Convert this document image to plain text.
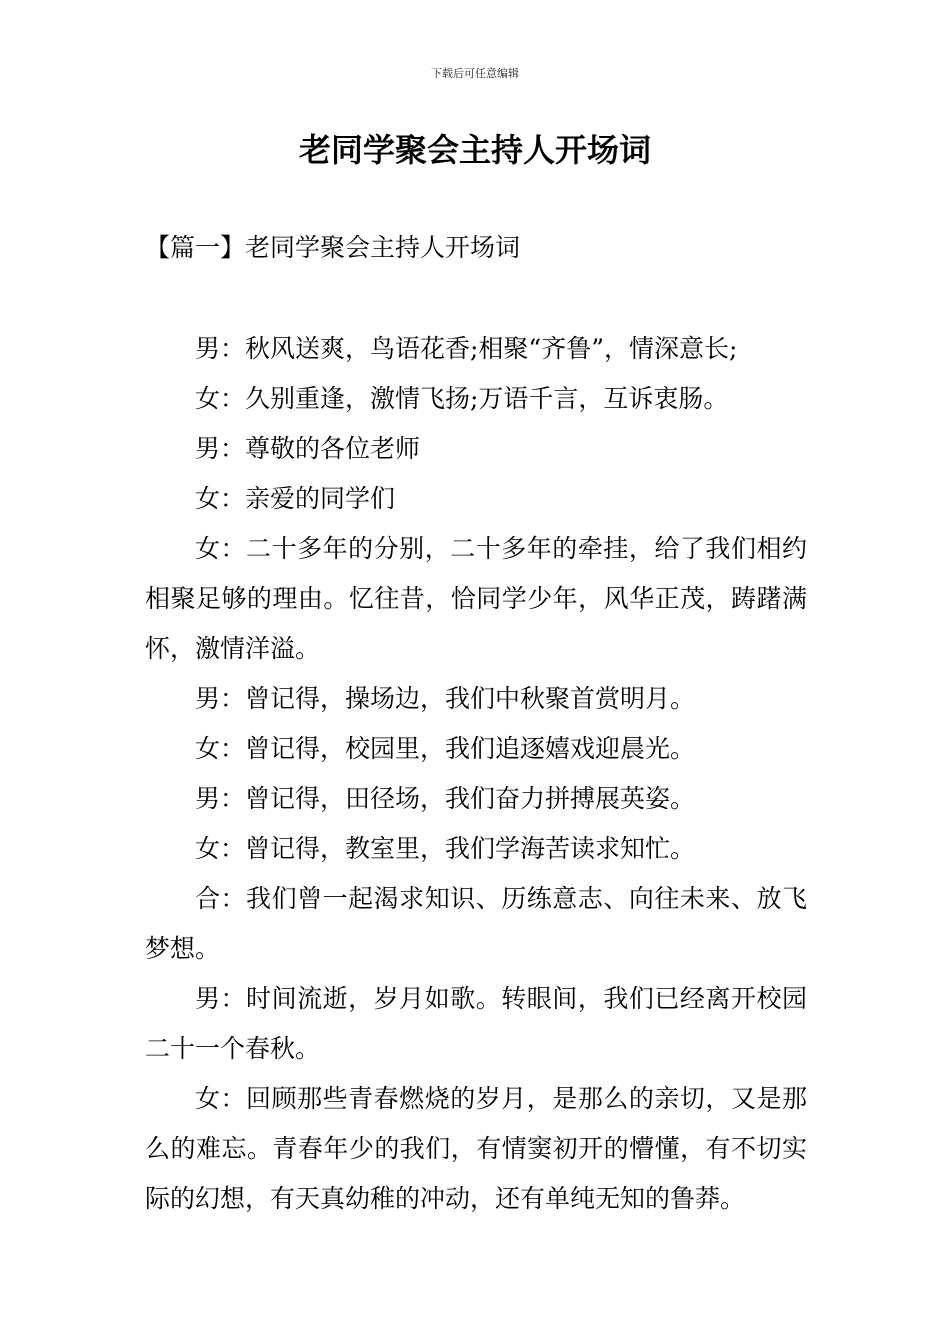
下载后可任意编辑
老同学聚会主持人开场词
【篇一】老同学聚会主持人开场词

男：秋风送爽，鸟语花香;相聚“齐鲁”，情深意长;

女：久别重逢，激情飞扬;万语千言，互诉衷肠。

男：尊敬的各位老师

女：亲爱的同学们

女：二十多年的分别，二十多年的牵挂，给了我们相约相聚足够的理由。忆往昔，恰同学少年，风华正茂，踌躇满怀，激情洋溢。

男：曾记得，操场边，我们中秋聚首赏明月。

女：曾记得，校园里，我们追逐嬉戏迎晨光。

男：曾记得，田径场，我们奋力拼搏展英姿。

女：曾记得，教室里，我们学海苦读求知忙。

合：我们曾一起渴求知识、历练意志、向往未来、放飞梦想。

男：时间流逝，岁月如歌。转眼间，我们已经离开校园二十一个春秋。

女：回顾那些青春燃烧的岁月，是那么的亲切，又是那么的难忘。青春年少的我们，有情窦初开的懵懂，有不切实际的幻想，有天真幼稚的冲动，还有单纯无知的鲁莽。
